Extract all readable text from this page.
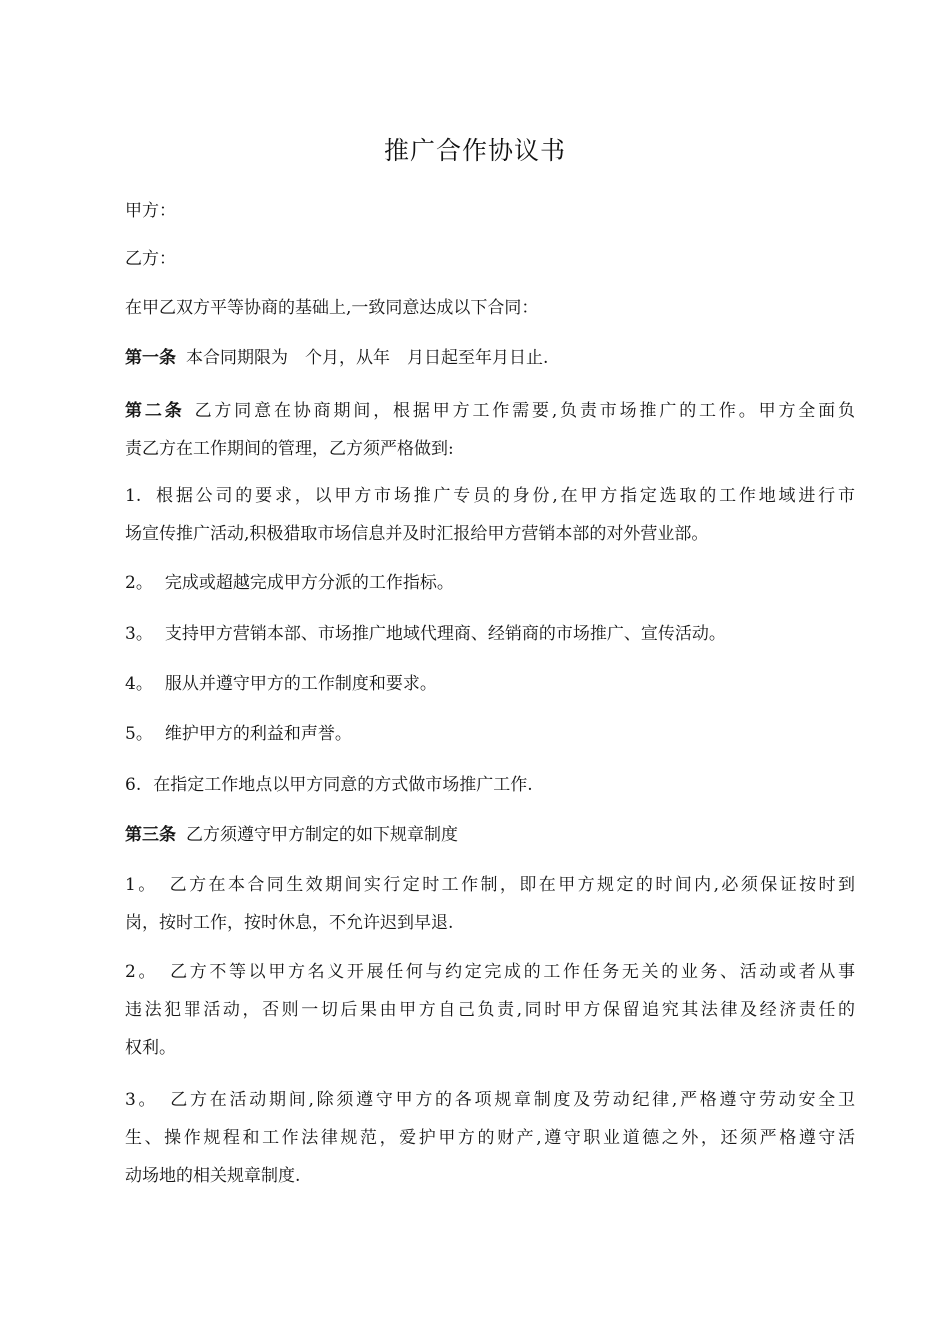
推广合作协议书
甲方：
乙方：
在甲乙双方平等协商的基础上,一致同意达成以下合同：
第一条 本合同期限为　个月，从年　月日起至年月日止.
第二条 乙方同意在协商期间，根据甲方工作需要,负责市场推广的工作。甲方全面负
责乙方在工作期间的管理，乙方须严格做到:
1. 根据公司的要求，以甲方市场推广专员的身份,在甲方指定选取的工作地域进行市
场宣传推广活动,积极猎取市场信息并及时汇报给甲方营销本部的对外营业部。
2。 完成或超越完成甲方分派的工作指标。
3。 支持甲方营销本部、市场推广地域代理商、经销商的市场推广、宣传活动。
4。 服从并遵守甲方的工作制度和要求。
5。 维护甲方的利益和声誉。
6. 在指定工作地点以甲方同意的方式做市场推广工作.
第三条 乙方须遵守甲方制定的如下规章制度
1。 乙方在本合同生效期间实行定时工作制，即在甲方规定的时间内,必须保证按时到
岗，按时工作，按时休息，不允许迟到早退.
2。 乙方不等以甲方名义开展任何与约定完成的工作任务无关的业务、活动或者从事
违法犯罪活动，否则一切后果由甲方自己负责,同时甲方保留追究其法律及经济责任的
权利。
3。 乙方在活动期间,除须遵守甲方的各项规章制度及劳动纪律,严格遵守劳动安全卫
生、操作规程和工作法律规范，爱护甲方的财产,遵守职业道德之外，还须严格遵守活
动场地的相关规章制度.
